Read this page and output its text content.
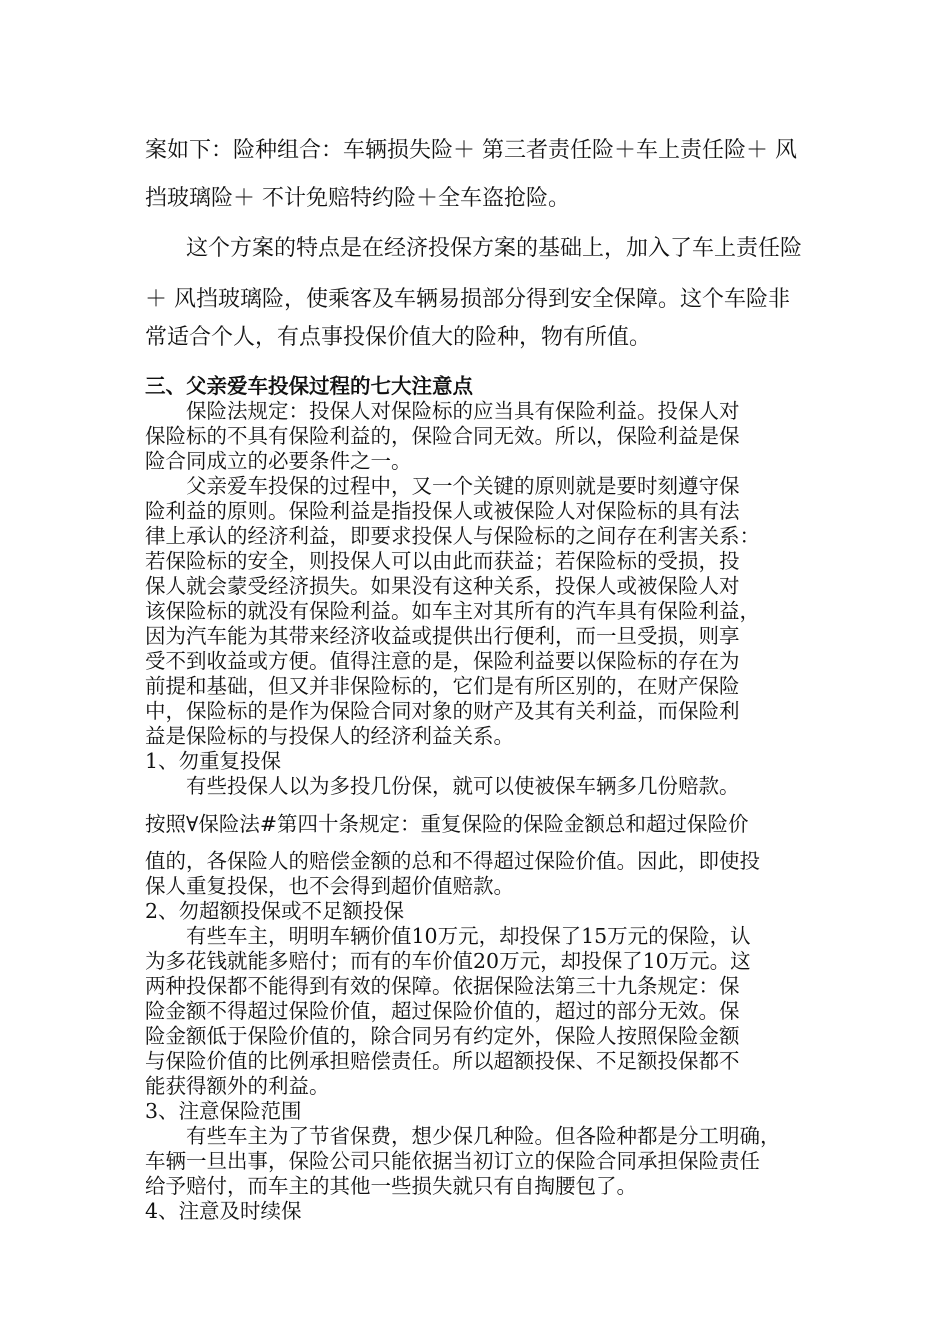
案如下：险种组合：车辆损失险＋ 第三者责任险＋车上责任险＋ 风

挡玻璃险＋ 不计免赔特约险＋全车盗抢险。

这个方案的特点是在经济投保方案的基础上，加入了车上责任险

＋ 风挡玻璃险，使乘客及车辆易损部分得到安全保障。这个车险非

常适合个人，有点事投保价值大的险种，物有所值。

三、父亲爱车投保过程的七大注意点

保险法规定：投保人对保险标的应当具有保险利益。投保人对

保险标的不具有保险利益的，保险合同无效。所以，保险利益是保

险合同成立的必要条件之一。

父亲爱车投保的过程中，又一个关键的原则就是要时刻遵守保

险利益的原则。保险利益是指投保人或被保险人对保险标的具有法

律上承认的经济利益，即要求投保人与保险标的之间存在利害关系：

若保险标的安全，则投保人可以由此而获益；若保险标的受损，投

保人就会蒙受经济损失。如果没有这种关系，投保人或被保险人对

该保险标的就没有保险利益。如车主对其所有的汽车具有保险利益，

因为汽车能为其带来经济收益或提供出行便利，而一旦受损，则享

受不到收益或方便。值得注意的是，保险利益要以保险标的存在为

前提和基础，但又并非保险标的，它们是有所区别的，在财产保险

中，保险标的是作为保险合同对象的财产及其有关利益，而保险利

益是保险标的与投保人的经济利益关系。

1、勿重复投保

有些投保人以为多投几份保，就可以使被保车辆多几份赔款。

按照∀保险法#第四十条规定：重复保险的保险金额总和超过保险价

值的，各保险人的赔偿金额的总和不得超过保险价值。因此，即使投

保人重复投保，也不会得到超价值赔款。

2、勿超额投保或不足额投保

有些车主，明明车辆价值10万元，却投保了15万元的保险，认

为多花钱就能多赔付；而有的车价值20万元，却投保了10万元。这

两种投保都不能得到有效的保障。依据保险法第三十九条规定：保

险金额不得超过保险价值，超过保险价值的，超过的部分无效。保

险金额低于保险价值的，除合同另有约定外，保险人按照保险金额

与保险价值的比例承担赔偿责任。所以超额投保、不足额投保都不

能获得额外的利益。

3、注意保险范围

有些车主为了节省保费，想少保几种险。但各险种都是分工明确，

车辆一旦出事，保险公司只能依据当初订立的保险合同承担保险责任

给予赔付，而车主的其他一些损失就只有自掏腰包了。

4、注意及时续保
